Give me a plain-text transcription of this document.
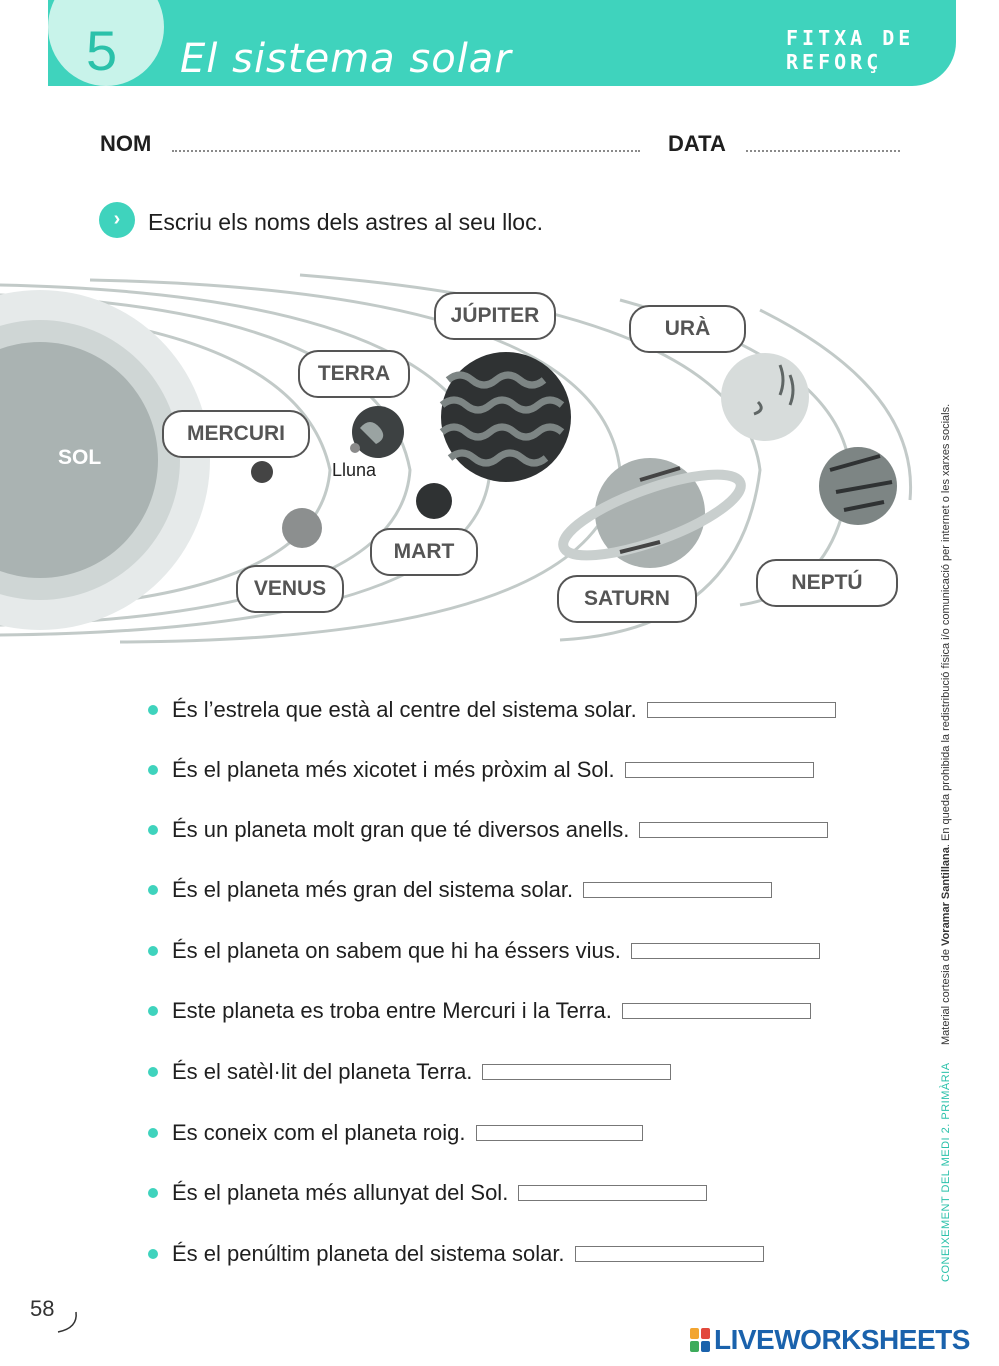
5 El sistema solar	FITXA DE
REFORÇ
NOM	DATA
›	Escriu els noms dels astres al seu lloc.
SOL
Lluna
JÚPITER
URÀ
TERRA
MERCURI
MART
VENUS	SATURN
NEPTÚ
És l’estrela que està al centre del sistema solar.
És el planeta més xicotet i més pròxim al Sol.
És un planeta molt gran que té diversos anells.
És el planeta més gran del sistema solar.
És el planeta on sabem que hi ha éssers vius.
Este planeta es troba entre Mercuri i la Terra.
És el satèl·lit del planeta Terra.
Es coneix com el planeta roig.
És el planeta més allunyat del Sol.
És el penúltim planeta del sistema solar.
Material cortesia de Voramar Santillana. En queda prohibida la redistribució física i/o comunicació per internet o les xarxes socials.
CONEIXEMENT DEL MEDI 2. PRIMÀRIA
58
LIVEWORKSHEETS
